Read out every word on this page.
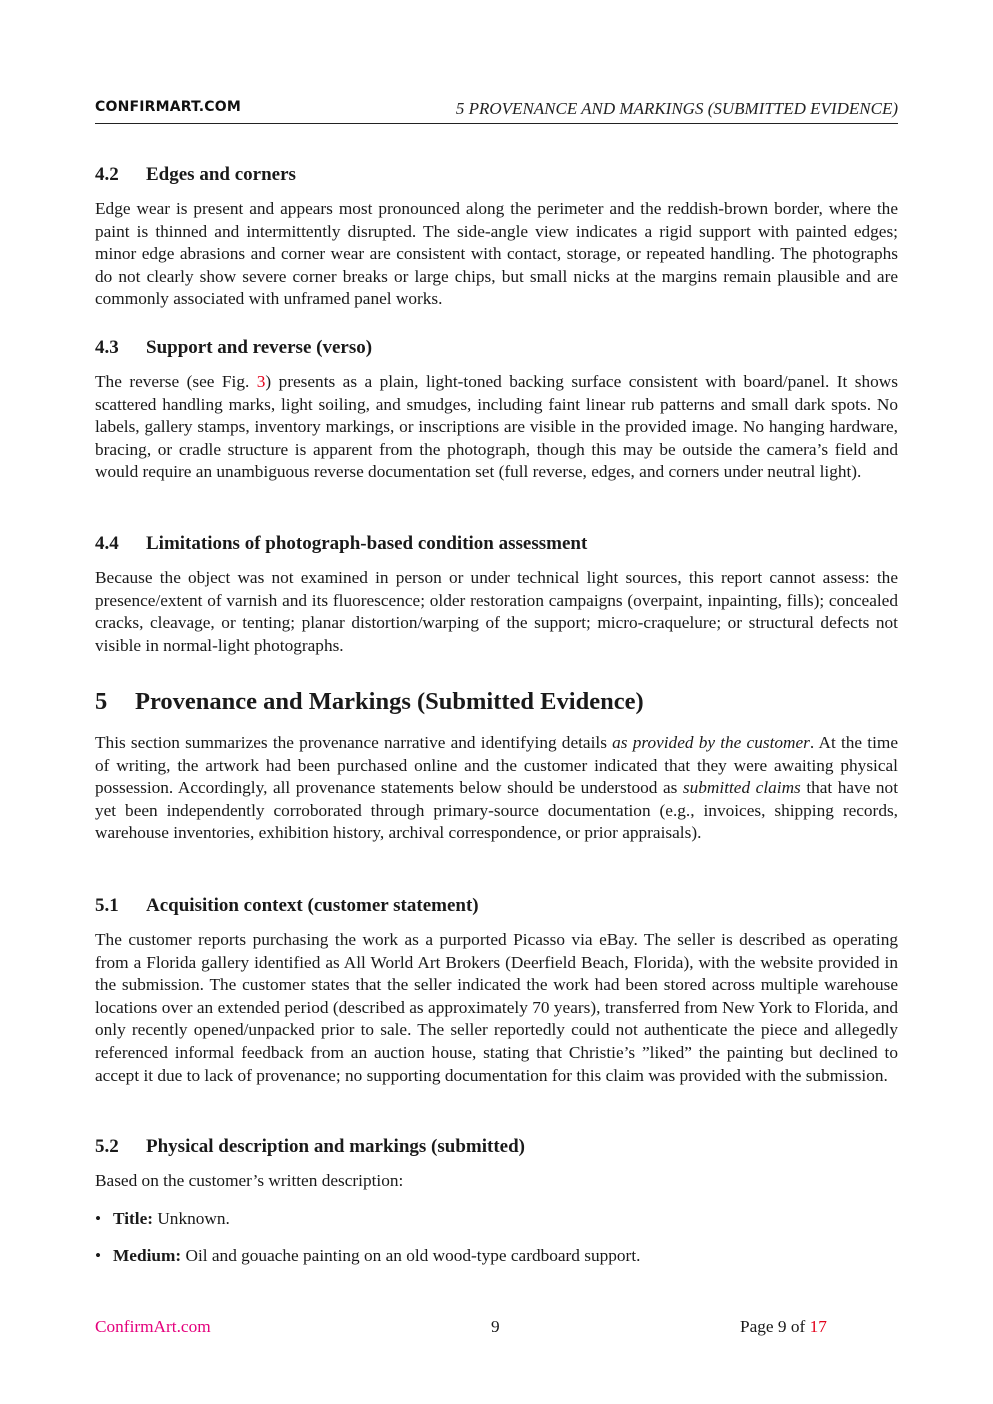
CONFIRMART.COM	5 PROVENANCE AND MARKINGS (SUBMITTED EVIDENCE)
4.2 Edges and corners

Edge wear is present and appears most pronounced along the perimeter and the reddish-brown border, where the paint is thinned and intermittently disrupted. The side-angle view indicates a rigid support with painted edges; minor edge abrasions and corner wear are consistent with contact, storage, or repeated handling. The photographs do not clearly show severe corner breaks or large chips, but small nicks at the margins remain plausible and are commonly associated with unframed panel works.

4.3 Support and reverse (verso)

The reverse (see Fig. 3) presents as a plain, light-toned backing surface consistent with board/panel. It shows scattered handling marks, light soiling, and smudges, including faint linear rub patterns and small dark spots. No labels, gallery stamps, inventory markings, or inscriptions are visible in the provided image. No hanging hardware, bracing, or cradle structure is apparent from the photograph, though this may be outside the camera’s field and would require an unambiguous reverse documentation set (full reverse, edges, and corners under neutral light).

4.4 Limitations of photograph-based condition assessment

Because the object was not examined in person or under technical light sources, this report cannot assess: the presence/extent of varnish and its fluorescence; older restoration campaigns (overpaint, inpainting, fills); concealed cracks, cleavage, or tenting; planar distortion/warping of the support; micro-craquelure; or structural defects not visible in normal-light photographs.

5 Provenance and Markings (Submitted Evidence)

This section summarizes the provenance narrative and identifying details as provided by the customer. At the time of writing, the artwork had been purchased online and the customer indicated that they were awaiting physical possession. Accordingly, all provenance statements below should be understood as submitted claims that have not yet been independently corroborated through primary-source documentation (e.g., invoices, shipping records, warehouse inventories, exhibition history, archival correspondence, or prior appraisals).

5.1 Acquisition context (customer statement)

The customer reports purchasing the work as a purported Picasso via eBay. The seller is described as operating from a Florida gallery identified as All World Art Brokers (Deerfield Beach, Florida), with the website provided in the submission. The customer states that the seller indicated the work had been stored across multiple warehouse locations over an extended period (described as approximately 70 years), transferred from New York to Florida, and only recently opened/unpacked prior to sale. The seller reportedly could not authenticate the piece and allegedly referenced informal feedback from an auction house, stating that Christie’s ”liked” the painting but declined to accept it due to lack of provenance; no supporting documentation for this claim was provided with the submission.

5.2 Physical description and markings (submitted)

Based on the customer’s written description:

• Title: Unknown.
• Medium: Oil and gouache painting on an old wood-type cardboard support.
ConfirmArt.com	9	Page 9 of 17
